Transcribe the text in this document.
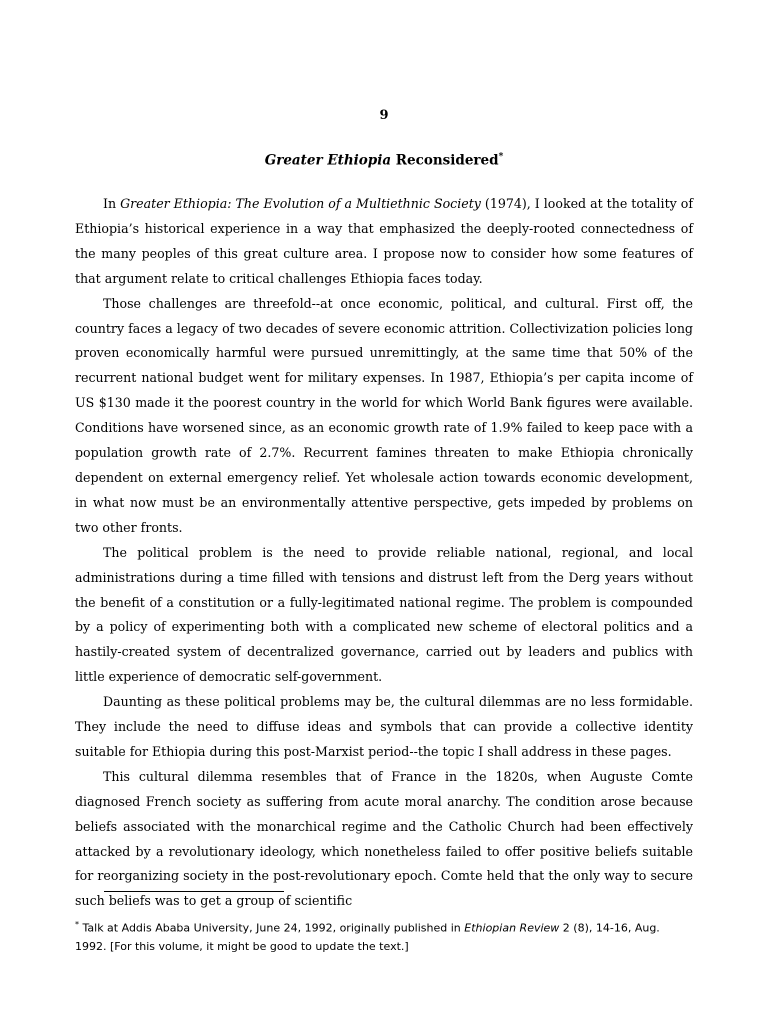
9

Greater Ethiopia Reconsidered*

In Greater Ethiopia: The Evolution of a Multiethnic Society (1974), I looked at the totality of Ethiopia’s historical experience in a way that emphasized the deeply-rooted connectedness of the many peoples of this great culture area. I propose now to consider how some features of that argument relate to critical challenges Ethiopia faces today.

Those challenges are threefold--at once economic, political, and cultural. First off, the country faces a legacy of two decades of severe economic attrition. Collectivization policies long proven economically harmful were pursued unremittingly, at the same time that 50% of the recurrent national budget went for military expenses. In 1987, Ethiopia’s per capita income of US $130 made it the poorest country in the world for which World Bank figures were available. Conditions have worsened since, as an economic growth rate of 1.9% failed to keep pace with a population growth rate of 2.7%. Recurrent famines threaten to make Ethiopia chronically dependent on external emergency relief. Yet wholesale action towards economic development, in what now must be an environmentally attentive perspective, gets impeded by problems on two other fronts.

The political problem is the need to provide reliable national, regional, and local administrations during a time filled with tensions and distrust left from the Derg years without the benefit of a constitution or a fully-legitimated national regime. The problem is compounded by a policy of experimenting both with a complicated new scheme of electoral politics and a hastily-created system of decentralized governance, carried out by leaders and publics with little experience of democratic self-government.

Daunting as these political problems may be, the cultural dilemmas are no less formidable. They include the need to diffuse ideas and symbols that can provide a collective identity suitable for Ethiopia during this post-Marxist period--the topic I shall address in these pages.

This cultural dilemma resembles that of France in the 1820s, when Auguste Comte diagnosed French society as suffering from acute moral anarchy. The condition arose because beliefs associated with the monarchical regime and the Catholic Church had been effectively attacked by a revolutionary ideology, which nonetheless failed to offer positive beliefs suitable for reorganizing society in the post-revolutionary epoch. Comte held that the only way to secure such beliefs was to get a group of scientific

* Talk at Addis Ababa University, June 24, 1992, originally published in Ethiopian Review 2 (8), 14-16, Aug. 1992. [For this volume, it might be good to update the text.]
